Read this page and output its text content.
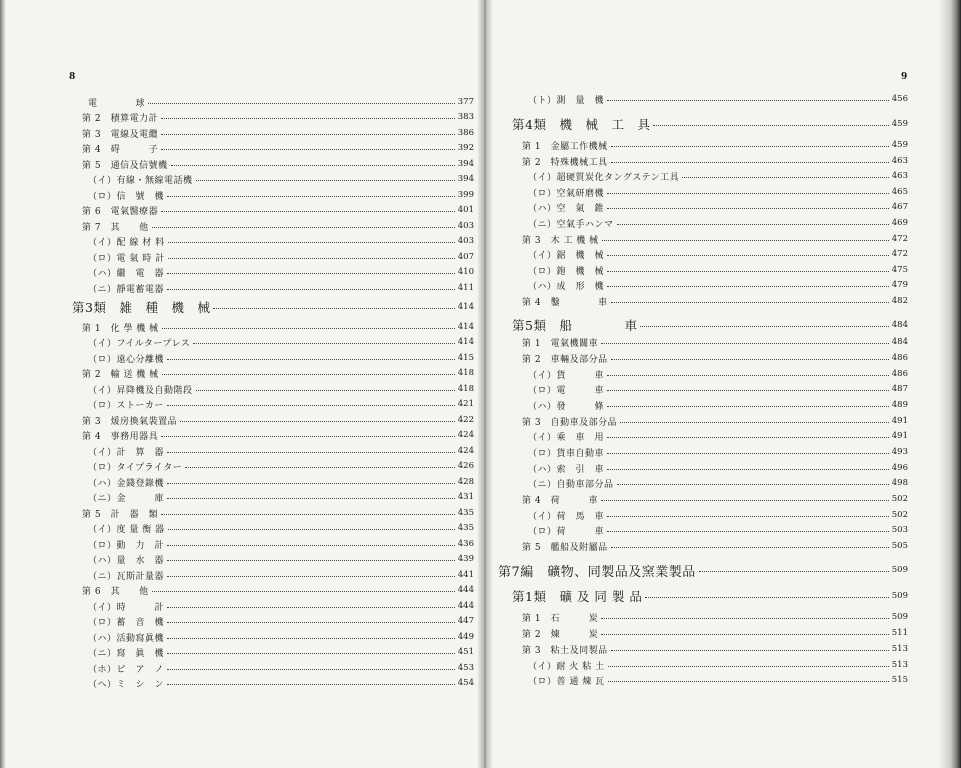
8	9
電　　　　球	377
第 2　積算電力計	383
第 3　電線及電纜	386
第 4　碍　　　子	392
第 5　通信及信號機	394
（イ）有線・無線電話機	394
（ロ）信　號　機	399
第 6　電氣醫療器	401
第 7　其　　他	403
（イ）配 線 材 料	403
（ロ）電 氣 時 計	407
（ハ）繼　電　器	410
（ニ）靜電蓄電器	411
第3類　雑　種　機　械	414
第 1　化 學 機 械	414
（イ）フイルタープレス	414
（ロ）遠心分離機	415
第 2　輸 送 機 械	418
（イ）昇降機及自動階段	418
（ロ）ストーカー	421
第 3　煖房換氣裝置品	422
第 4　事務用器具	424
（イ）計　算　器	424
（ロ）タイプライター	426
（ハ）金錢登錄機	428
（ニ）金　　　庫	431
第 5　計　器　類	435
（イ）度 量 衡 器	435
（ロ）動　力　計	436
（ハ）量　水　器	439
（ニ）瓦斯計量器	441
第 6　其　　他	444
（イ）時　　　計	444
（ロ）蓄　音　機	447
（ハ）活動寫眞機	449
（ニ）寫　眞　機	451
（ホ）ピ　ア　ノ	453
（ヘ）ミ　シ　ン	454
（ト）測　量　機	456
第4類　機　械　工　具	459
第 1　金屬工作機械	459
第 2　特殊機械工具	463
（イ）超硬質炭化タングステン工具	463
（ロ）空氣研磨機	465
（ハ）空　氣　錐	467
（ニ）空氣手ハンマ	469
第 3　木 工 機 械	472
（イ）鋸　機　械	472
（ロ）鉋　機　械	475
（ハ）成　形　機	479
第 4　鑿　　　　車	482
第5類　船　　　　車	484
第 1　電氣機關車	484
第 2　車輛及部分品	486
（イ）貨　　　車	486
（ロ）電　　　車	487
（ハ）發　　　條	489
第 3　自動車及部分品	491
（イ）乘　車　用	491
（ロ）貨車自動車	493
（ハ）索　引　車	496
（ニ）自動車部分品	498
第 4　荷　　　車	502
（イ）荷　馬　車	502
（ロ）荷　　　車	503
第 5　艦船及附屬品	505
第7編　礦物、同製品及窯業製品	509
第1類　礦 及 同 製 品	509
第 1　石　　　炭	509
第 2　煉　　　炭	511
第 3　粘土及同製品	513
（イ）耐 火 粘 土	513
（ロ）普 通 煉 瓦	515
